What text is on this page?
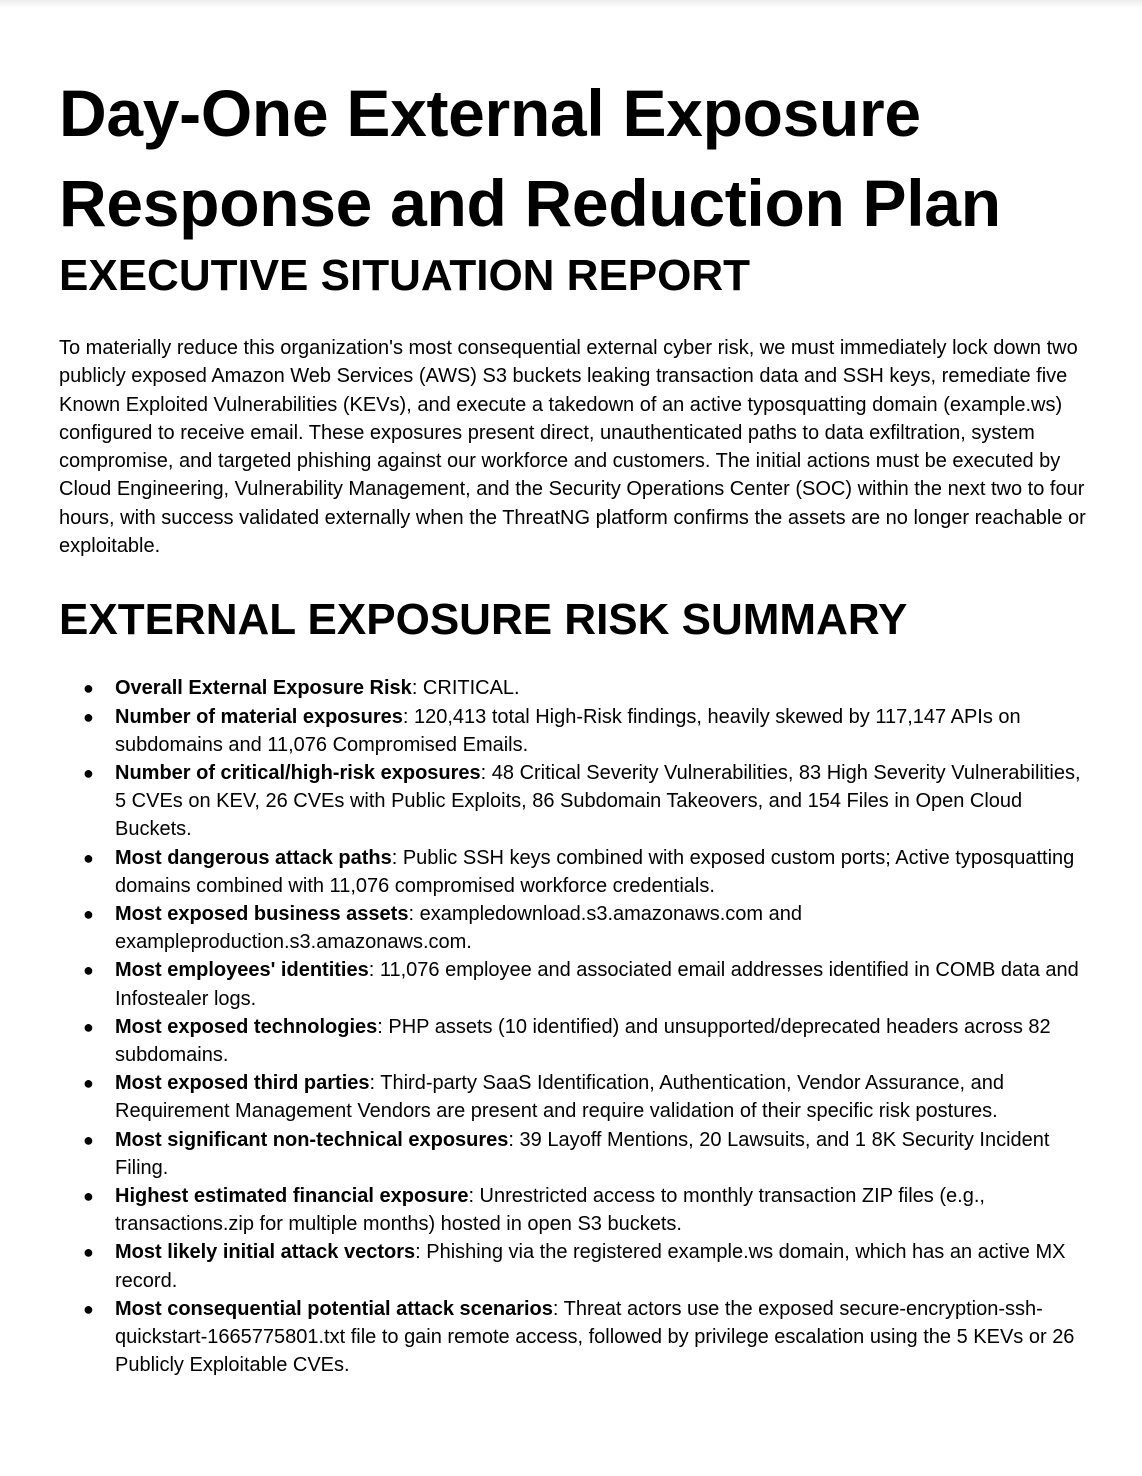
Day-One External Exposure Response and Reduction Plan
EXECUTIVE SITUATION REPORT

To materially reduce this organization's most consequential external cyber risk, we must immediately lock down two publicly exposed Amazon Web Services (AWS) S3 buckets leaking transaction data and SSH keys, remediate five Known Exploited Vulnerabilities (KEVs), and execute a takedown of an active typosquatting domain (example.ws) configured to receive email. These exposures present direct, unauthenticated paths to data exfiltration, system compromise, and targeted phishing against our workforce and customers. The initial actions must be executed by Cloud Engineering, Vulnerability Management, and the Security Operations Center (SOC) within the next two to four hours, with success validated externally when the ThreatNG platform confirms the assets are no longer reachable or exploitable.

EXTERNAL EXPOSURE RISK SUMMARY
● Overall External Exposure Risk: CRITICAL.
● Number of material exposures: 120,413 total High-Risk findings, heavily skewed by 117,147 APIs on subdomains and 11,076 Compromised Emails.
● Number of critical/high-risk exposures: 48 Critical Severity Vulnerabilities, 83 High Severity Vulnerabilities, 5 CVEs on KEV, 26 CVEs with Public Exploits, 86 Subdomain Takeovers, and 154 Files in Open Cloud Buckets.
● Most dangerous attack paths: Public SSH keys combined with exposed custom ports; Active typosquatting domains combined with 11,076 compromised workforce credentials.
● Most exposed business assets: exampledownload.s3.amazonaws.com and exampleproduction.s3.amazonaws.com.
● Most employees' identities: 11,076 employee and associated email addresses identified in COMB data and Infostealer logs.
● Most exposed technologies: PHP assets (10 identified) and unsupported/deprecated headers across 82 subdomains.
● Most exposed third parties: Third-party SaaS Identification, Authentication, Vendor Assurance, and Requirement Management Vendors are present and require validation of their specific risk postures.
● Most significant non-technical exposures: 39 Layoff Mentions, 20 Lawsuits, and 1 8K Security Incident Filing.
● Highest estimated financial exposure: Unrestricted access to monthly transaction ZIP files (e.g., transactions.zip for multiple months) hosted in open S3 buckets.
● Most likely initial attack vectors: Phishing via the registered example.ws domain, which has an active MX record.
● Most consequential potential attack scenarios: Threat actors use the exposed secure-encryption-ssh-quickstart-1665775801.txt file to gain remote access, followed by privilege escalation using the 5 KEVs or 26 Publicly Exploitable CVEs.
